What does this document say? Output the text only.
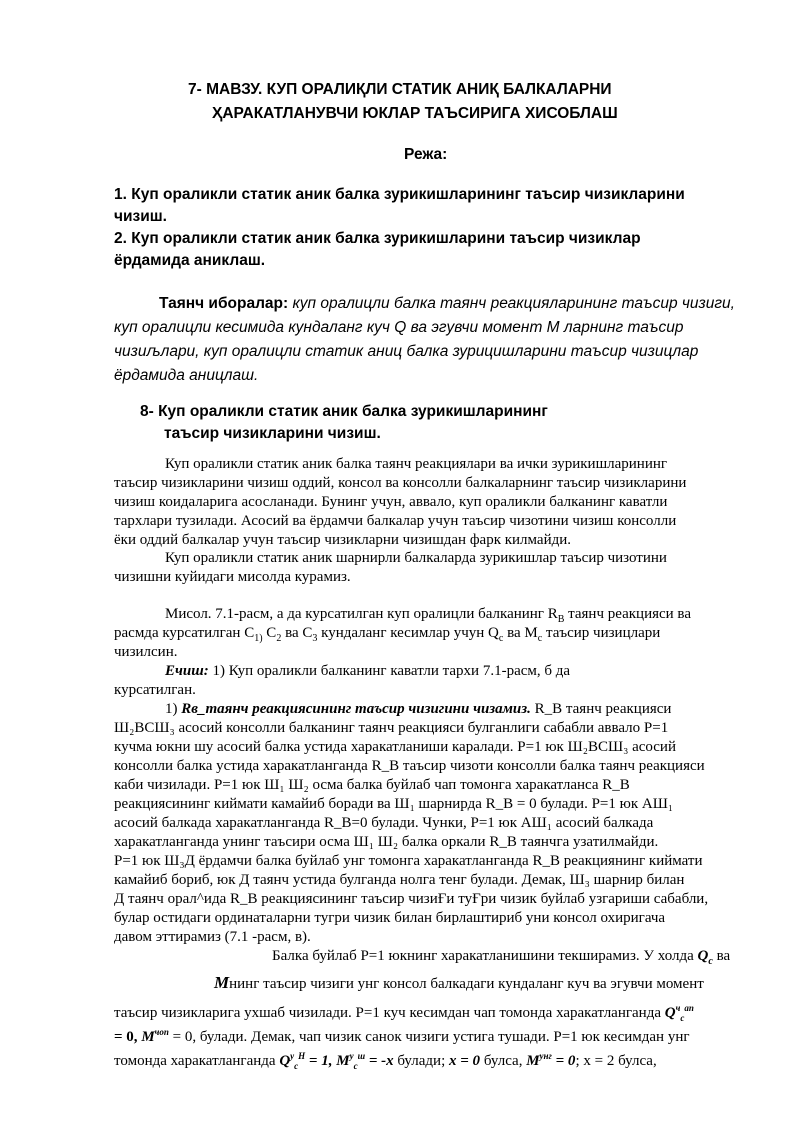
7- МАВЗУ. КУП ОРАЛИҚЛИ СТАТИК АНИҚ БАЛКАЛАРНИ
ҲАРАКАТЛАНУВЧИ ЮКЛАР ТАЪСИРИГА ХИСОБЛАШ
Режа:
1. Куп ораликли статик аник балка зурикишларининг таъсир чизикларини
чизиш.
2. Куп ораликли статик аник балка зурикишларини таъсир чизиклар
ёрдамида аниклаш.
Таянч иборалар: куп оралицли балка таянч реакцияларининг таъсир чизиги,
куп оралицли кесимида кундаланг куч Q ва эгувчи момент M ларнинг таъсир
чизиљлари, куп оралицли статик аниц балка зурицишларини таъсир чизицлар
ёрдамида аницлаш.
8- Куп ораликли статик аник балка зурикишларининг
таъсир чизикларини чизиш.
Куп ораликли статик аник балка таянч реакциялари ва ички зурикишларининг
таъсир чизикларини чизиш оддий, консол ва консолли балкаларнинг таъсир чизикларини
чизиш коидаларига асосланади. Бунинг учун, аввало, куп ораликли балканинг каватли
тархлари тузилади. Асосий ва ёрдамчи балкалар учун таъсир чизотини чизиш консолли
ёки оддий балкалар учун таъсир чизикларни чизишдан фарк килмайди.
Куп ораликли статик аник шарнирли балкаларда зурикишлар таъсир чизотини
чизишни куйидаги мисолда курамиз.
Мисол. 7.1-расм, а да курсатилган куп оралицли балканинг $R_B$ таянч реакцияси ва
расмда курсатилган $С_{1)}$ $С_2$ ва $С_3$ кундаланг кесимлар учун $Q_c$ ва $М_c$ таъсир чизицлари
чизилсин.
Ечиш: 1) Куп ораликли балканинг каватли тархи 7.1-расм, б да
курсатилган.
1) Rв_таянч реакциясининг таъсир чизигини чизамиз. R_B таянч реакцияси
Ш₂ВСШ₃ асосий консолли балканинг таянч реакцияси булганлиги сабабли аввало Р=1
кучма юкни шу асосий балка устида харакатланиши каралади. Р=1 юк Ш₂ВСШ₃ асосий
консолли балка устида харакатланганда R_B таъсир чизоти консолли балка таянч реакцияси
каби чизилади. Р=1 юк Ш₁ Ш₂ осма балка буйлаб чап томонга харакатланса R_B
реакциясининг киймати камайиб боради ва Ш₁ шарнирда R_B = 0 булади. Р=1 юк АШ₁
асосий балкада харакатланганда R_B=0 булади. Чунки, Р=1 юк АШ₁ асосий балкада
харакатланганда унинг таъсири осма Ш₁ Ш₂ балка оркали R_B таянчга узатилмайди.
Р=1 юк Ш₃Д ёрдамчи балка буйлаб унг томонга харакатланганда R_B реакциянинг киймати
камайиб бориб, юк Д таянч устида булганда нолга тенг булади. Демак, Ш₃ шарнир билан
Д таянч орал^ида R_B реакциясининг таъсир чизиҒи туҒри чизик буйлаб узгариши сабабли,
булар остидаги ординаталарни тугри чизик билан бирлаштириб уни консол охиригача
давом эттирамиз (7.1 -расм, в).
Балка буйлаб Р=1 юкнинг харакатланишини текширамиз. У холда $Q_c$ ва
Mнинг таъсир чизиги унг консол балкадаги кундаланг куч ва эгувчи момент
таъсир чизикларига ухшаб чизилади. Р=1 куч кесимдан чап томонда харакатланганда $Q^ч_c^{ап}$
= 0, $M^{чоп} = 0$, булади. Демак, чап чизик санок чизиги устига тушади. Р=1 юк кесимдан унг
томонда харакатланганда $Q^у_c^Н = 1$, $M^у_c^ш = -x$ булади; x = 0 булса, $M^{унг} = 0$; x = 2 булса,
